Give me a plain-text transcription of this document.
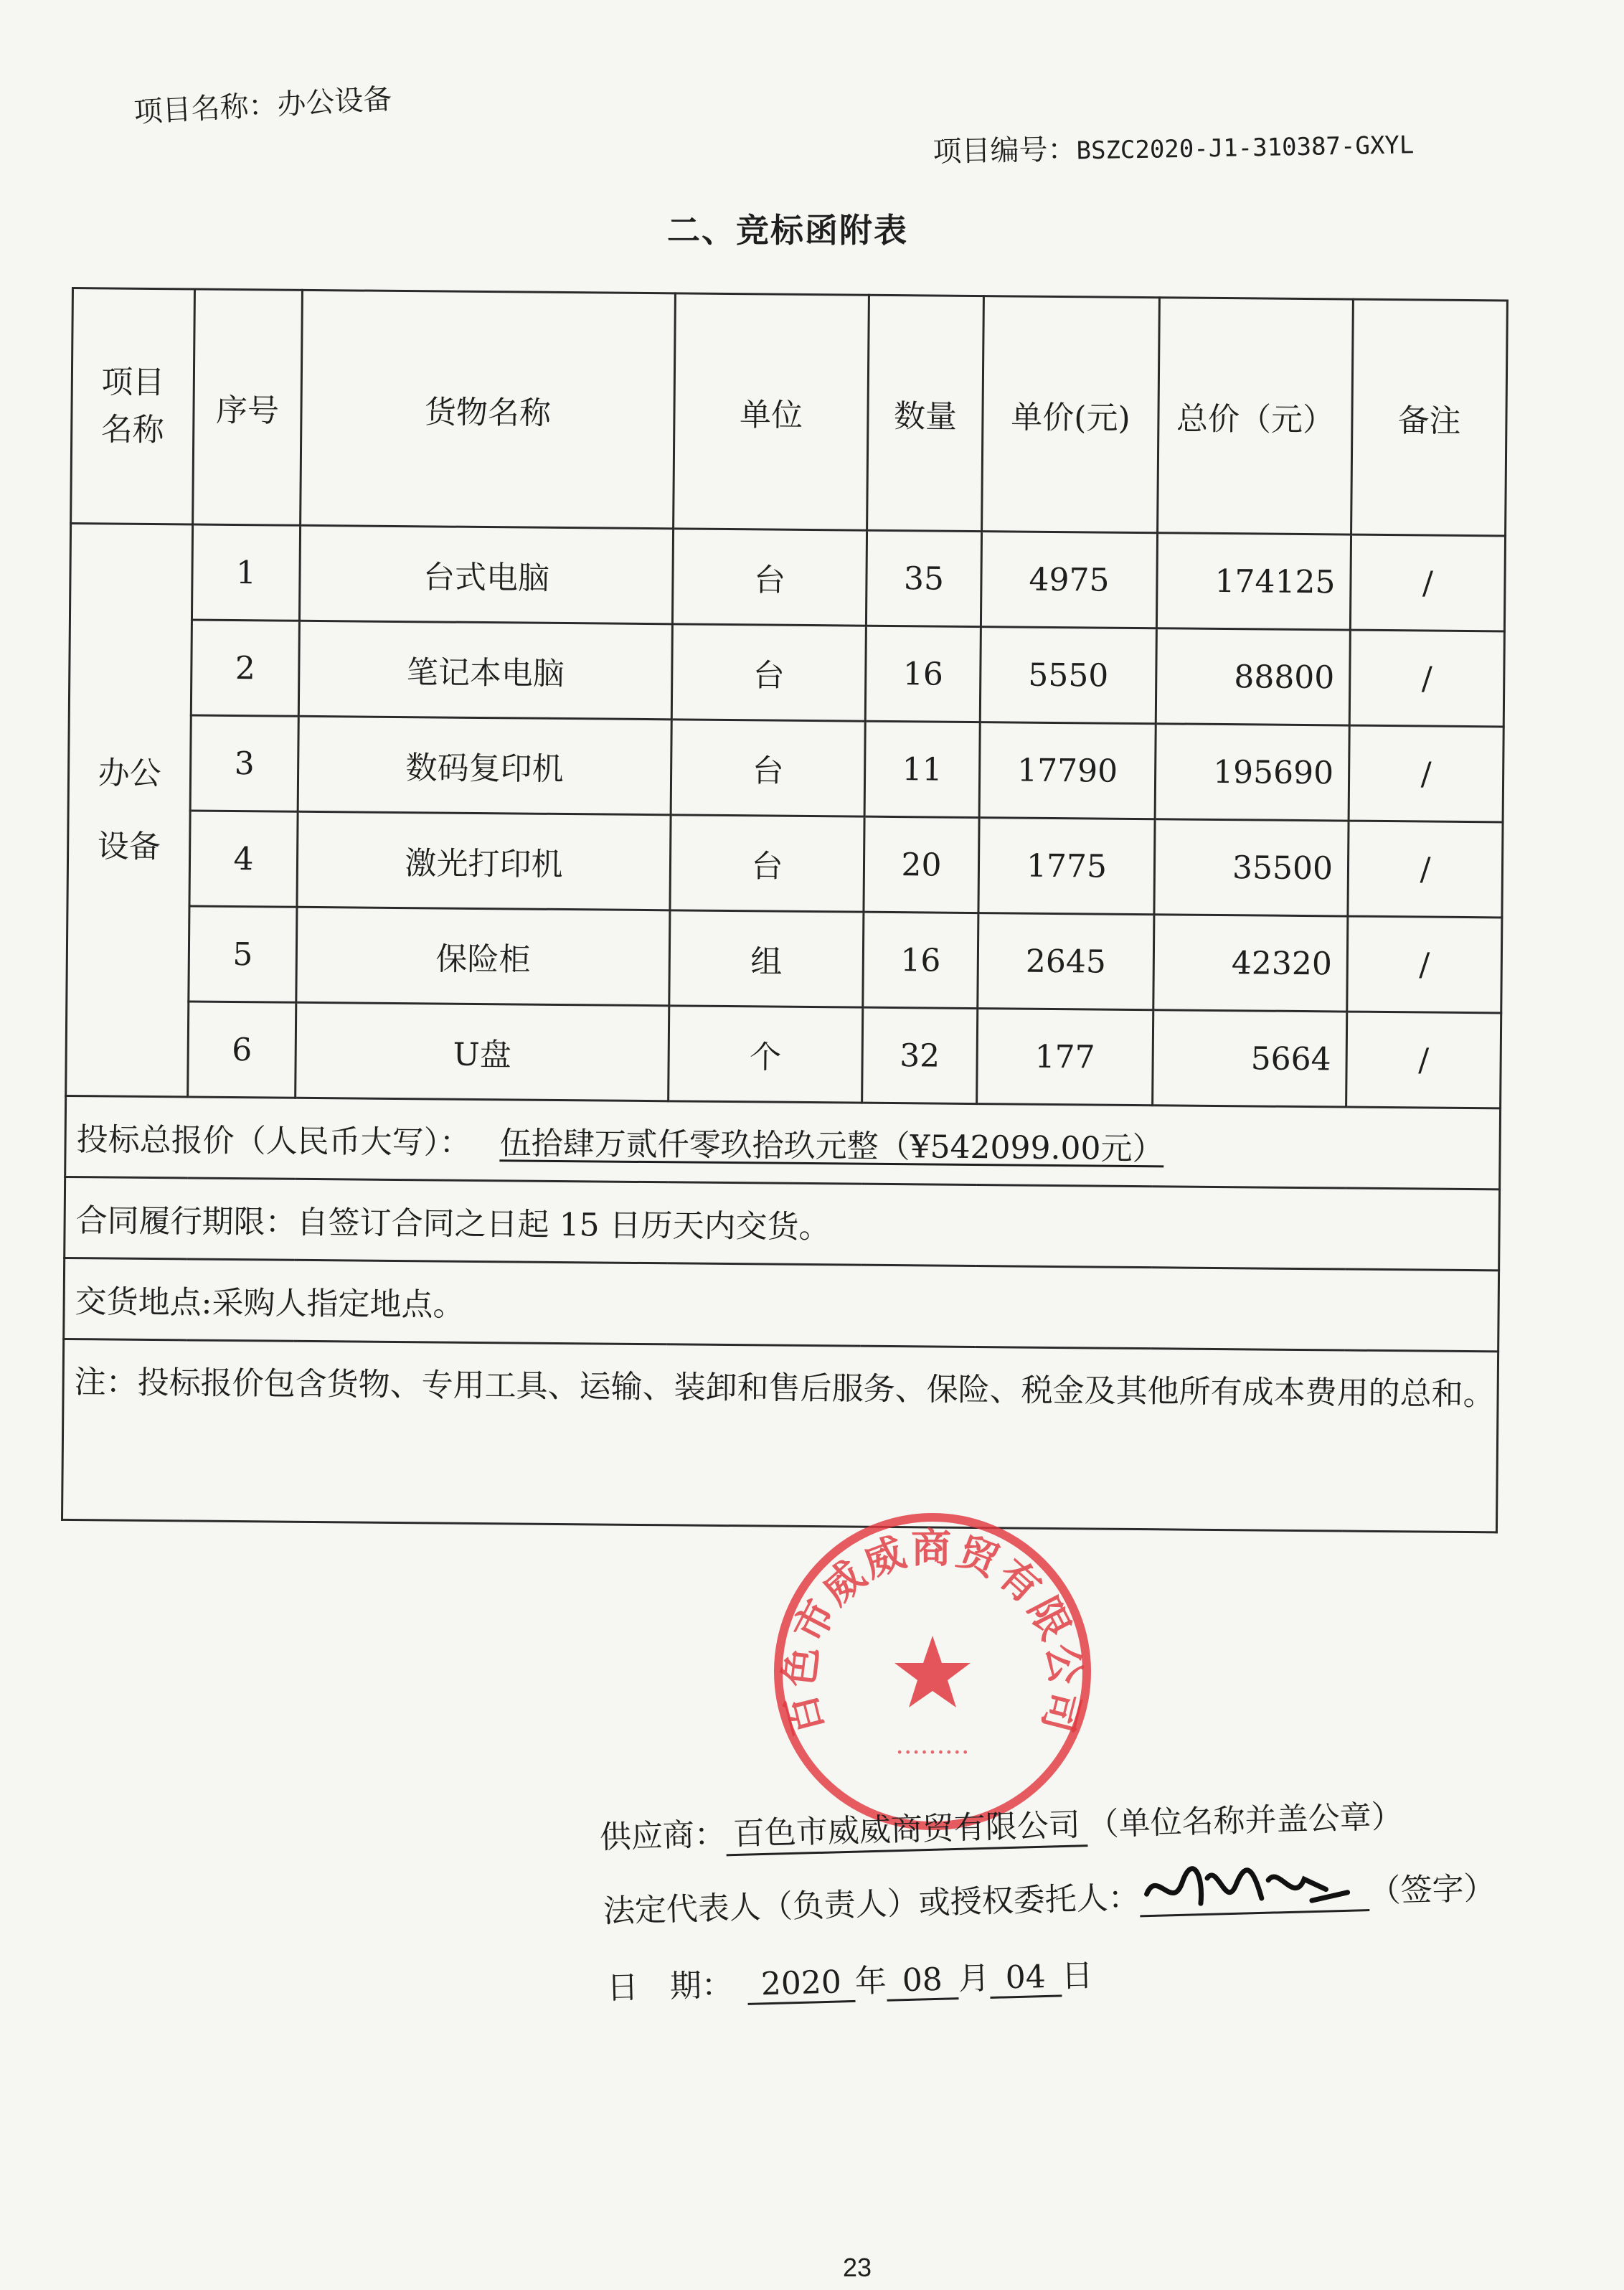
项目名称：办公设备
项目编号：BSZC2020-J1-310387-GXYL
二、竞标函附表
项目名称	序号	货物名称	单位	数量	单价(元)	总价（元）	备注
办公设备	1	台式电脑	台	35	4975	174125	/
	2	笔记本电脑	台	16	5550	88800	/
	3	数码复印机	台	11	17790	195690	/
	4	激光打印机	台	20	1775	35500	/
	5	保险柜	组	16	2645	42320	/
	6	U盘	个	32	177	5664	/
投标总报价（人民币大写）： 伍拾肆万贰仟零玖拾玖元整（¥542099.00元）							
合同履行期限：自签订合同之日起 15 日历天内交货。							
交货地点:采购人指定地点。							
注：投标报价包含货物、专用工具、运输、装卸和售后服务、保险、税金及其他所有成本费用的总和。							
百色市威威商贸有限公司
·········
供应商： 百色市威威商贸有限公司 （单位名称并盖公章）
法定代表人（负责人）或授权委托人：	（签字）
日　期： 2020 年 08 月 04 日
23
